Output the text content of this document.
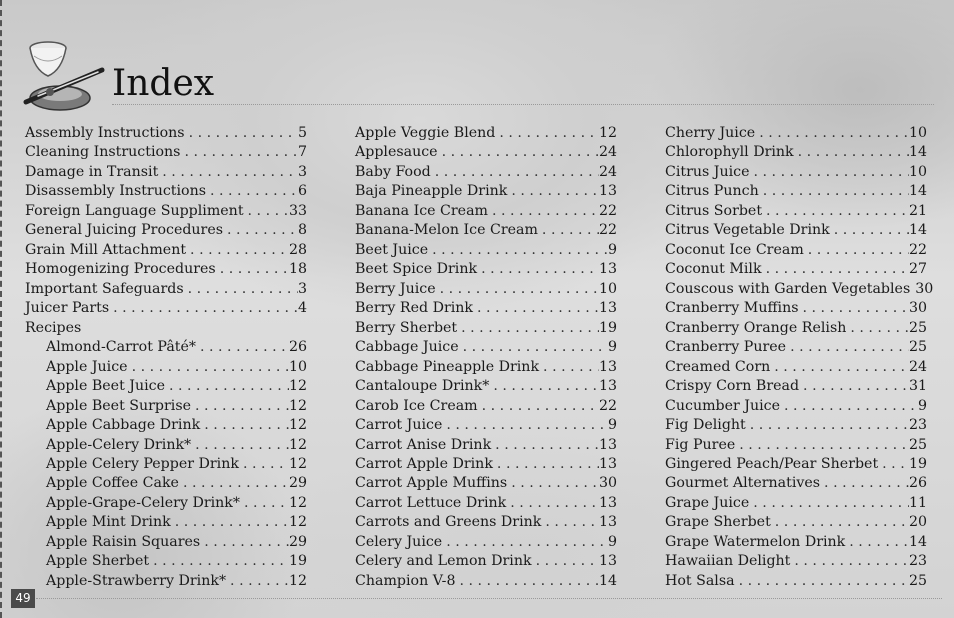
Index
Assembly Instructions . . .	5
Cleaning Instructions . . .	7
Damage in Transit . . .	3
Disassembly Instructions . . .	6
Foreign Language Suppliment . . .	33
General Juicing Procedures . . .	8
Grain Mill Attachment . . .	28
Homogenizing Procedures . . .	18
Important Safeguards . . .	3
Juicer Parts . . .	4
Recipes
Almond-Carrot Pâté* . . .	26
Apple Juice . . .	10
Apple Beet Juice . . .	12
Apple Beet Surprise . . .	12
Apple Cabbage Drink . . .	12
Apple-Celery Drink* . . .	12
Apple Celery Pepper Drink . . .	12
Apple Coffee Cake . . .	29
Apple-Grape-Celery Drink* . . .	12
Apple Mint Drink . . .	12
Apple Raisin Squares . . .	29
Apple Sherbet . . .	19
Apple-Strawberry Drink* . . .	12
Apple Veggie Blend . . .	12
Applesauce . . .	24
Baby Food . . .	24
Baja Pineapple Drink . . .	13
Banana Ice Cream . . .	22
Banana-Melon Ice Cream . . .	22
Beet Juice . . .	9
Beet Spice Drink . . .	13
Berry Juice . . .	10
Berry Red Drink . . .	13
Berry Sherbet . . .	19
Cabbage Juice . . .	9
Cabbage Pineapple Drink . . .	13
Cantaloupe Drink* . . .	13
Carob Ice Cream . . .	22
Carrot Juice . . .	9
Carrot Anise Drink . . .	13
Carrot Apple Drink . . .	13
Carrot Apple Muffins . . .	30
Carrot Lettuce Drink . . .	13
Carrots and Greens Drink . . .	13
Celery Juice . . .	9
Celery and Lemon Drink . . .	13
Champion V-8 . . .	14
Cherry Juice . . .	10
Chlorophyll Drink . . .	14
Citrus Juice . . .	10
Citrus Punch . . .	14
Citrus Sorbet . . .	21
Citrus Vegetable Drink . . .	14
Coconut Ice Cream . . .	22
Coconut Milk . . .	27
Couscous with Garden Vegetables . . . 30
Cranberry Muffins . . .	30
Cranberry Orange Relish . . .	25
Cranberry Puree . . .	25
Creamed Corn . . .	24
Crispy Corn Bread . . .	31
Cucumber Juice . . .	9
Fig Delight . . .	23
Fig Puree . . .	25
Gingered Peach/Pear Sherbet . . . 19
Gourmet Alternatives . . .	26
Grape Juice . . .	11
Grape Sherbet . . .	20
Grape Watermelon Drink . . .	14
Hawaiian Delight . . .	23
Hot Salsa . . .	25
49
